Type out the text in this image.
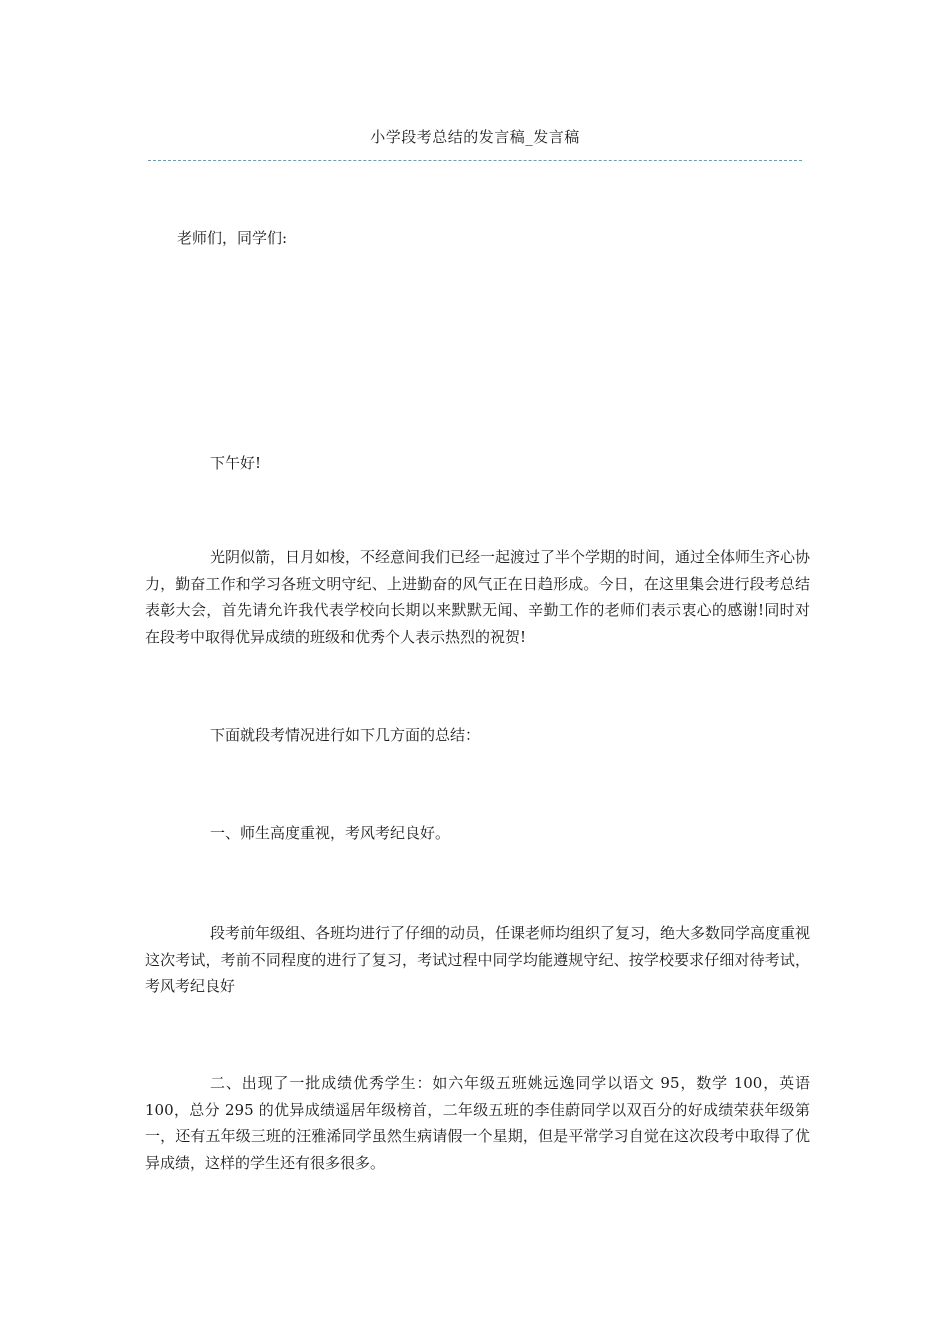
小学段考总结的发言稿_发言稿

老师们，同学们:

下午好!

光阴似箭，日月如梭，不经意间我们已经一起渡过了半个学期的时间，通过全体师生齐心协力，勤奋工作和学习各班文明守纪、上进勤奋的风气正在日趋形成。今日，在这里集会进行段考总结表彰大会，首先请允许我代表学校向长期以来默默无闻、辛勤工作的老师们表示衷心的感谢!同时对在段考中取得优异成绩的班级和优秀个人表示热烈的祝贺!

下面就段考情况进行如下几方面的总结：

一、师生高度重视，考风考纪良好。

段考前年级组、各班均进行了仔细的动员，任课老师均组织了复习，绝大多数同学高度重视这次考试，考前不同程度的进行了复习，考试过程中同学均能遵规守纪、按学校要求仔细对待考试，考风考纪良好

二、出现了一批成绩优秀学生：如六年级五班姚远逸同学以语文 95，数学 100，英语 100，总分 295 的优异成绩遥居年级榜首，二年级五班的李佳蔚同学以双百分的好成绩荣获年级第一，还有五年级三班的汪雅浠同学虽然生病请假一个星期，但是平常学习自觉在这次段考中取得了优异成绩，这样的学生还有很多很多。
